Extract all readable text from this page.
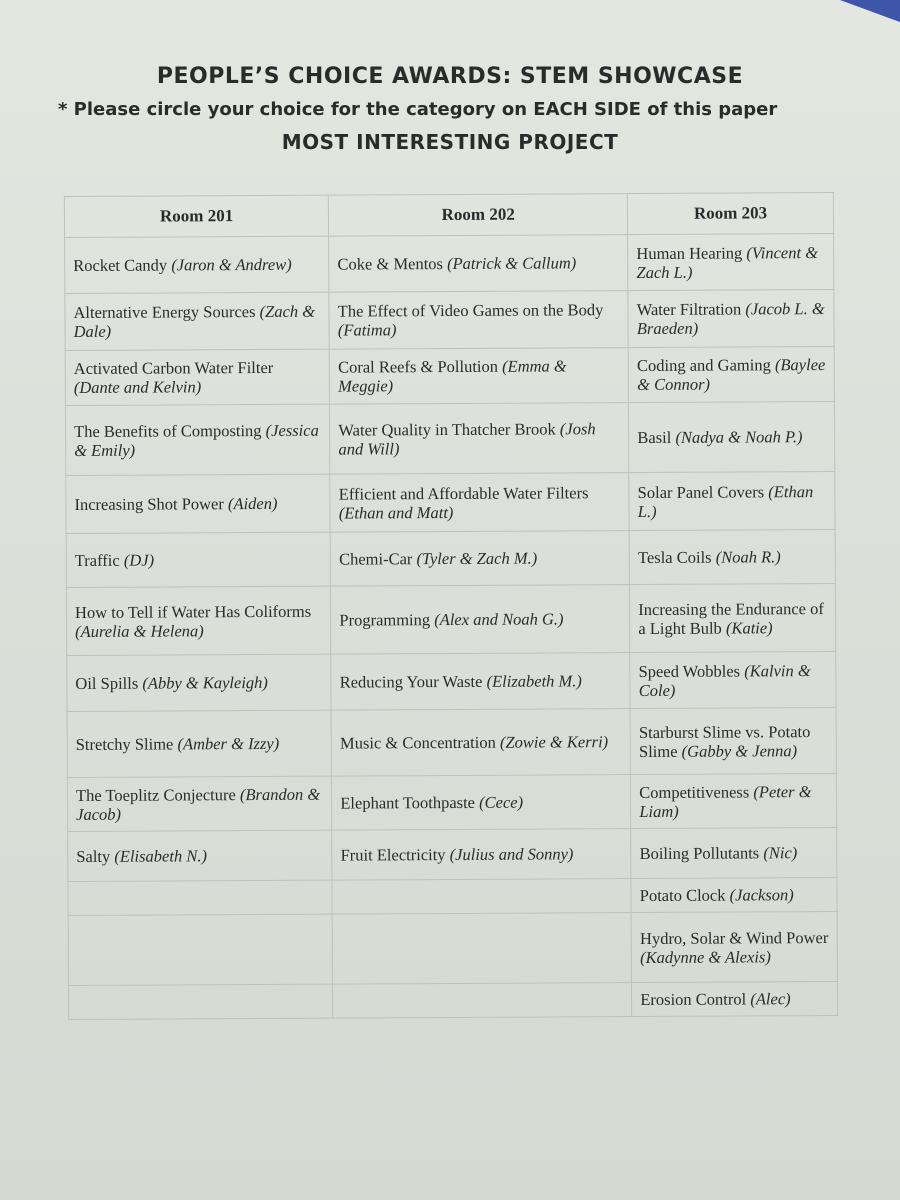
PEOPLE’S CHOICE AWARDS: STEM SHOWCASE
* Please circle your choice for the category on EACH SIDE of this paper
MOST INTERESTING PROJECT
Room 201	Room 202	Room 203
Rocket Candy (Jaron & Andrew)	Coke & Mentos (Patrick & Callum)	Human Hearing (Vincent & Zach L.)
Alternative Energy Sources (Zach & Dale)	The Effect of Video Games on the Body (Fatima)	Water Filtration (Jacob L. & Braeden)
Activated Carbon Water Filter (Dante and Kelvin)	Coral Reefs & Pollution (Emma & Meggie)	Coding and Gaming (Baylee & Connor)
The Benefits of Composting (Jessica & Emily)	Water Quality in Thatcher Brook (Josh and Will)	Basil (Nadya & Noah P.)
Increasing Shot Power (Aiden)	Efficient and Affordable Water Filters (Ethan and Matt)	Solar Panel Covers (Ethan L.)
Traffic (DJ)	Chemi-Car (Tyler & Zach M.)	Tesla Coils (Noah R.)
How to Tell if Water Has Coliforms (Aurelia & Helena)	Programming (Alex and Noah G.)	Increasing the Endurance of a Light Bulb (Katie)
Oil Spills (Abby & Kayleigh)	Reducing Your Waste (Elizabeth M.)	Speed Wobbles (Kalvin & Cole)
Stretchy Slime (Amber & Izzy)	Music & Concentration (Zowie & Kerri)	Starburst Slime vs. Potato Slime (Gabby & Jenna)
The Toeplitz Conjecture (Brandon & Jacob)	Elephant Toothpaste (Cece)	Competitiveness (Peter & Liam)
Salty (Elisabeth N.)	Fruit Electricity (Julius and Sonny)	Boiling Pollutants (Nic)
		Potato Clock (Jackson)
		Hydro, Solar & Wind Power (Kadynne & Alexis)
		Erosion Control (Alec)
